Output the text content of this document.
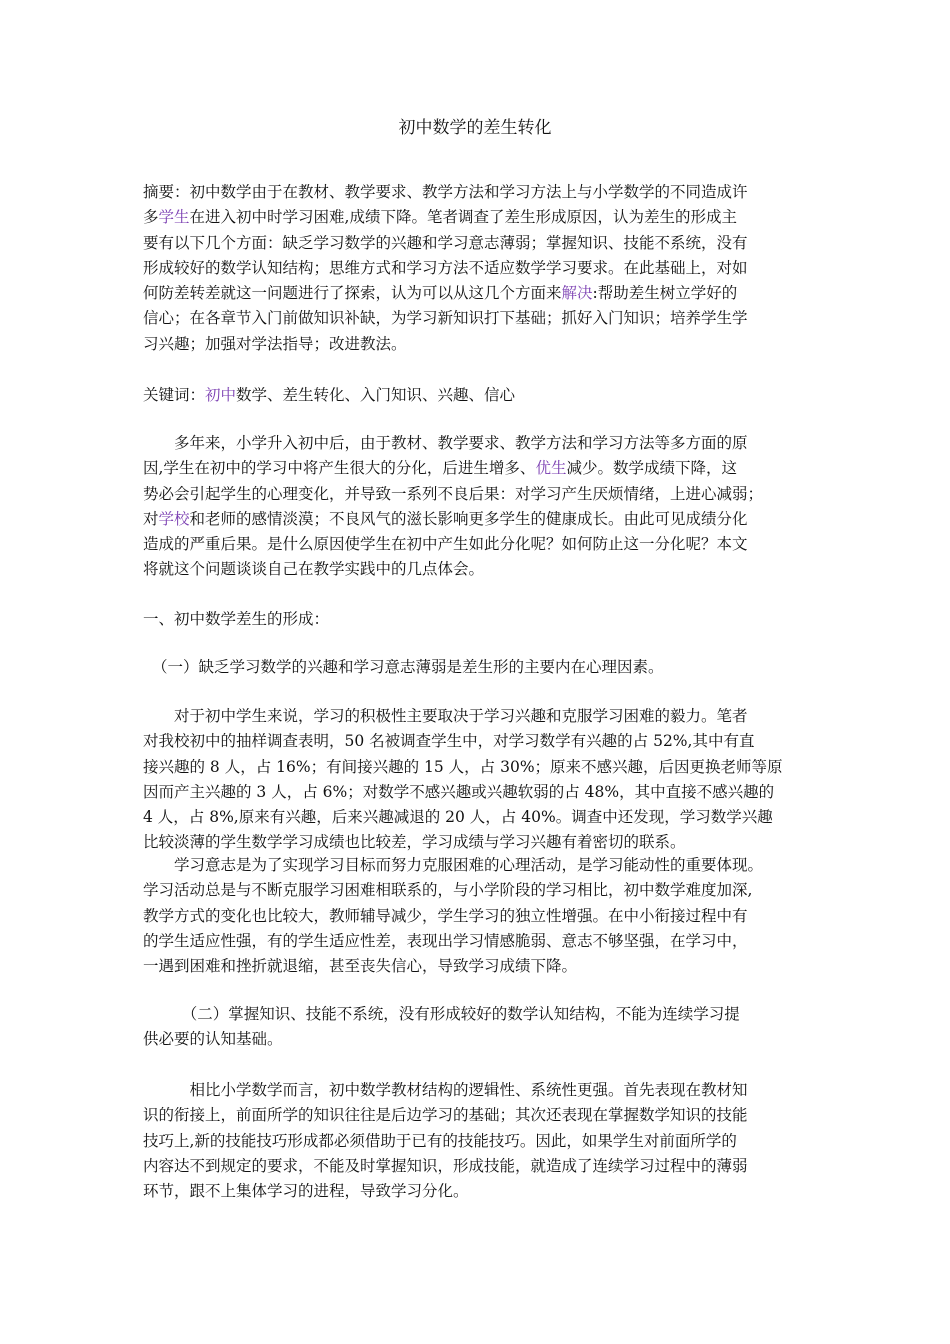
初中数学的差生转化
摘要：初中数学由于在教材、教学要求、教学方法和学习方法上与小学数学的不同造成许
多学生在进入初中时学习困难,成绩下降。笔者调查了差生形成原因，认为差生的形成主
要有以下几个方面：缺乏学习数学的兴趣和学习意志薄弱；掌握知识、技能不系统，没有
形成较好的数学认知结构；思维方式和学习方法不适应数学学习要求。在此基础上，对如
何防差转差就这一问题进行了探索，认为可以从这几个方面来解决:帮助差生树立学好的
信心；在各章节入门前做知识补缺，为学习新知识打下基础；抓好入门知识；培养学生学
习兴趣；加强对学法指导；改进教法。
关键词：初中数学、差生转化、入门知识、兴趣、信心
　　多年来，小学升入初中后，由于教材、教学要求、教学方法和学习方法等多方面的原
因,学生在初中的学习中将产生很大的分化，后进生增多、优生减少。数学成绩下降，这
势必会引起学生的心理变化，并导致一系列不良后果：对学习产生厌烦情绪，上进心减弱；
对学校和老师的感情淡漠；不良风气的滋长影响更多学生的健康成长。由此可见成绩分化
造成的严重后果。是什么原因使学生在初中产生如此分化呢？如何防止这一分化呢？本文
将就这个问题谈谈自己在教学实践中的几点体会。
一、初中数学差生的形成：
（一）缺乏学习数学的兴趣和学习意志薄弱是差生形的主要内在心理因素。
　　对于初中学生来说，学习的积极性主要取决于学习兴趣和克服学习困难的毅力。笔者
对我校初中的抽样调查表明，50 名被调查学生中，对学习数学有兴趣的占 52%,其中有直
接兴趣的 8 人，占 16%；有间接兴趣的 15 人，占 30%；原来不感兴趣，后因更换老师等原
因而产主兴趣的 3 人，占 6%；对数学不感兴趣或兴趣软弱的占 48%，其中直接不感兴趣的
4 人，占 8%,原来有兴趣，后来兴趣减退的 20 人，占 40%。调查中还发现，学习数学兴趣
比较淡薄的学生数学学习成绩也比较差，学习成绩与学习兴趣有着密切的联系。
　　学习意志是为了实现学习目标而努力克服困难的心理活动，是学习能动性的重要体现。
学习活动总是与不断克服学习困难相联系的，与小学阶段的学习相比，初中数学难度加深,
教学方式的变化也比较大，教师辅导减少，学生学习的独立性增强。在中小衔接过程中有
的学生适应性强，有的学生适应性差，表现出学习情感脆弱、意志不够坚强，在学习中，
一遇到困难和挫折就退缩，甚至丧失信心，导致学习成绩下降。
　　　（二）掌握知识、技能不系统，没有形成较好的数学认知结构，不能为连续学习提
供必要的认知基础。
　　　相比小学数学而言，初中数学教材结构的逻辑性、系统性更强。首先表现在教材知
识的衔接上，前面所学的知识往往是后边学习的基础；其次还表现在掌握数学知识的技能
技巧上,新的技能技巧形成都必须借助于已有的技能技巧。因此，如果学生对前面所学的
内容达不到规定的要求，不能及时掌握知识，形成技能，就造成了连续学习过程中的薄弱
环节，跟不上集体学习的进程，导致学习分化。
